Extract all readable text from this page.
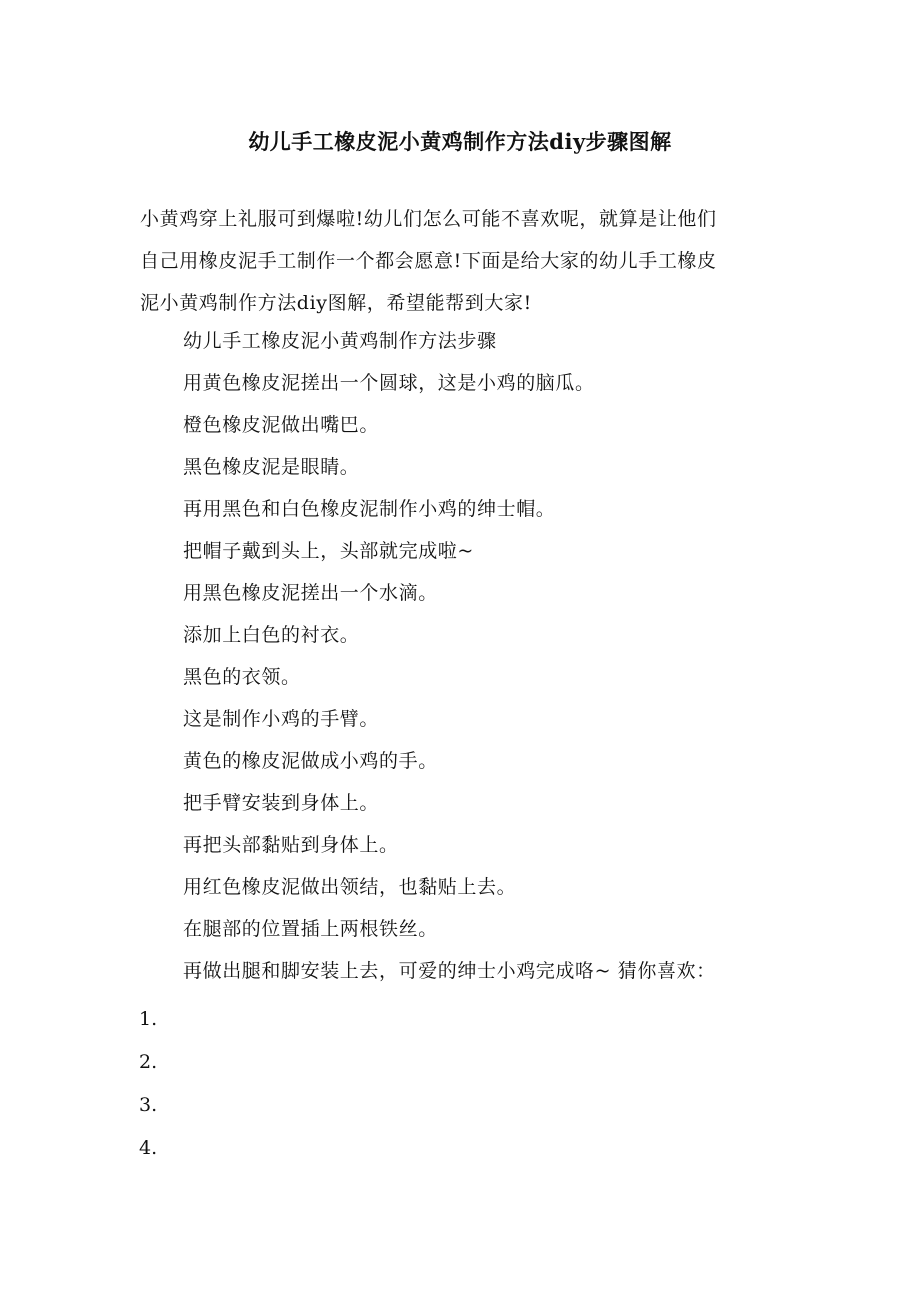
幼儿手工橡皮泥小黄鸡制作方法diy步骤图解
小黄鸡穿上礼服可到爆啦!幼儿们怎么可能不喜欢呢，就算是让他们
自己用橡皮泥手工制作一个都会愿意!下面是给大家的幼儿手工橡皮
泥小黄鸡制作方法diy图解，希望能帮到大家!
幼儿手工橡皮泥小黄鸡制作方法步骤
用黄色橡皮泥搓出一个圆球，这是小鸡的脑瓜。
橙色橡皮泥做出嘴巴。
黑色橡皮泥是眼睛。
再用黑色和白色橡皮泥制作小鸡的绅士帽。
把帽子戴到头上，头部就完成啦~
用黑色橡皮泥搓出一个水滴。
添加上白色的衬衣。
黑色的衣领。
这是制作小鸡的手臂。
黄色的橡皮泥做成小鸡的手。
把手臂安装到身体上。
再把头部黏贴到身体上。
用红色橡皮泥做出领结，也黏贴上去。
在腿部的位置插上两根铁丝。
再做出腿和脚安装上去，可爱的绅士小鸡完成咯~ 猜你喜欢：
1.
2.
3.
4.
